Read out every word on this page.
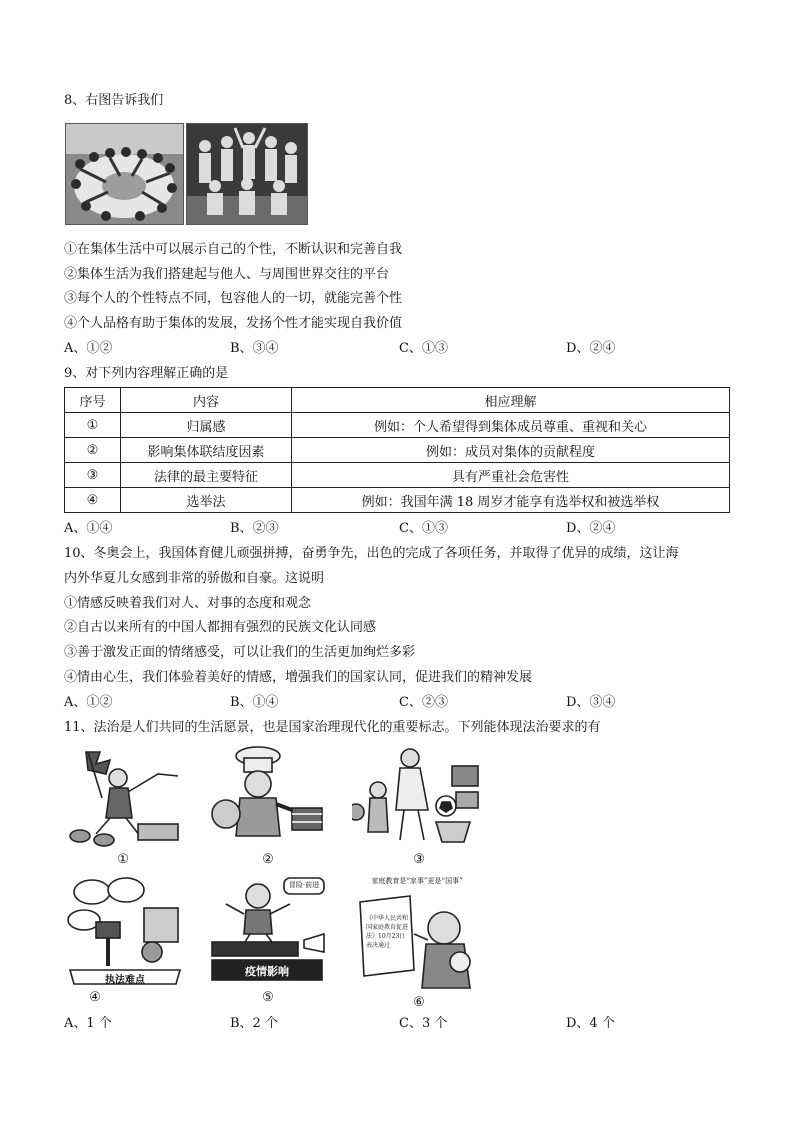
8、右图告诉我们
①在集体生活中可以展示自己的个性，不断认识和完善自我
②集体生活为我们搭建起与他人、与周围世界交往的平台
③每个人的个性特点不同，包容他人的一切，就能完善个性
④个人品格有助于集体的发展，发扬个性才能实现自我价值
A、①②	B、③④	C、①③	D、②④
9、对下列内容理解正确的是
序号	内容	相应理解
①	归属感	例如：个人希望得到集体成员尊重、重视和关心
②	影响集体联结度因素	例如：成员对集体的贡献程度
③	法律的最主要特征	具有严重社会危害性
④	选举法	例如：我国年满 18 周岁才能享有选举权和被选举权
A、①④	B、②③	C、①③	D、②④
10、冬奥会上，我国体育健儿顽强拼搏，奋勇争先，出色的完成了各项任务，并取得了优异的成绩，这让海
内外华夏儿女感到非常的骄傲和自豪。这说明
①情感反映着我们对人、对事的态度和观念
②自古以来所有的中国人都拥有强烈的民族文化认同感
③善于激发正面的情绪感受，可以让我们的生活更加绚烂多彩
④情由心生，我们体验着美好的情感，增强我们的国家认同，促进我们的精神发展
A、①②	B、①④	C、②③	D、③④
11、法治是人们共同的生活愿景，也是国家治理现代化的重要标志。下列能体现法治要求的有
①	②	③
执法难点
④
冒险·前进
疫情影响
⑤
家庭教育是“家事”更是“国事”
《中华人民共和国家庭教育促进法》10月23日表决通过
⑥
A、1 个	B、2 个	C、3 个	D、4 个
